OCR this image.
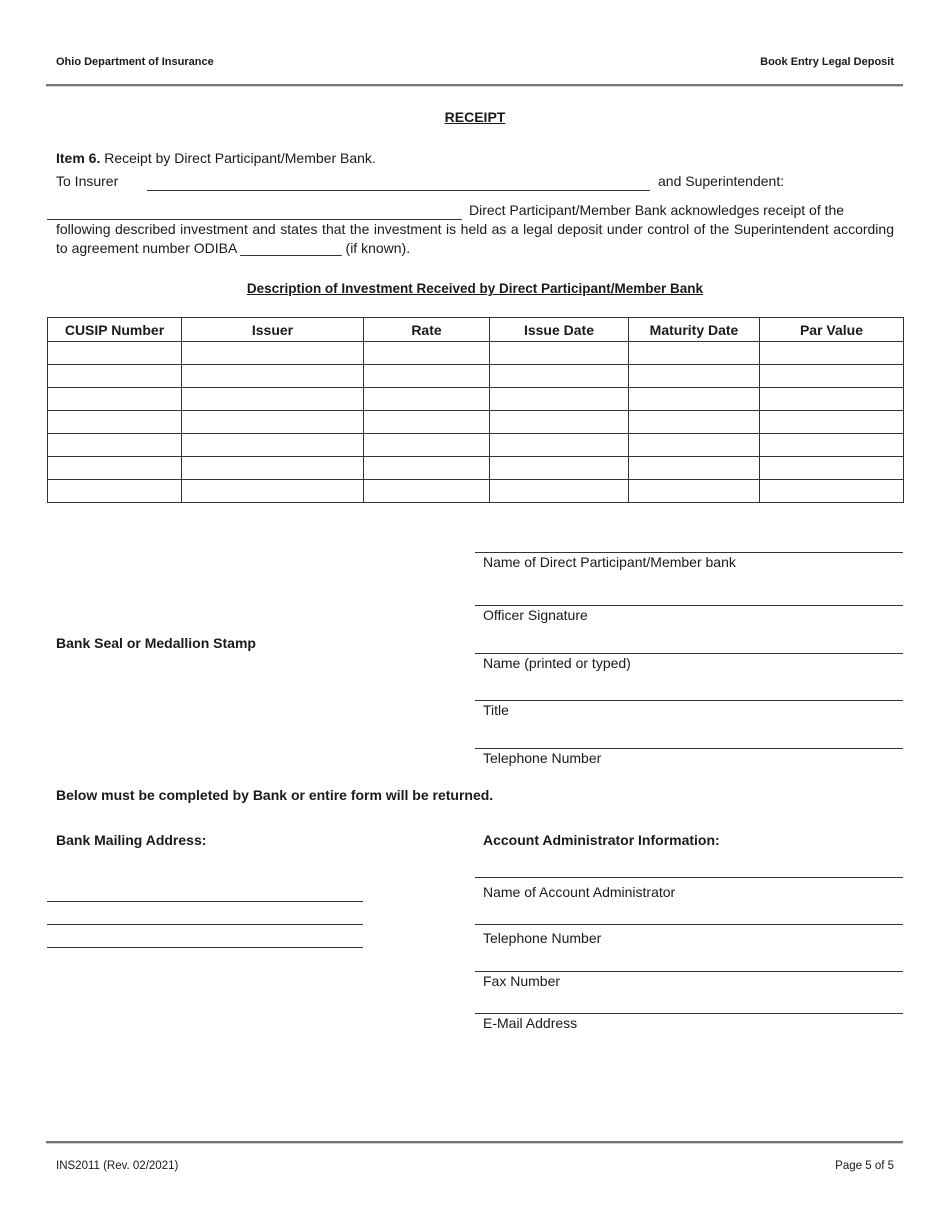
Ohio Department of Insurance	Book Entry Legal Deposit
RECEIPT
Item 6. Receipt by Direct Participant/Member Bank.
To Insurer	and Superintendent:
Direct Participant/Member Bank acknowledges receipt of the
following described investment and states that the investment is held as a legal deposit under control of the Superintendent according to agreement number ODIBA _____________ (if known).
Description of Investment Received by Direct Participant/Member Bank
CUSIP Number	Issuer	Rate	Issue Date	Maturity Date	Par Value

Bank Seal or Medallion Stamp
Name of Direct Participant/Member bank
Officer Signature
Name (printed or typed)
Title
Telephone Number
Below must be completed by Bank or entire form will be returned.
Bank Mailing Address:	Account Administrator Information:
Name of Account Administrator
Telephone Number
Fax Number
E-Mail Address
INS2011 (Rev. 02/2021)	Page 5 of 5
